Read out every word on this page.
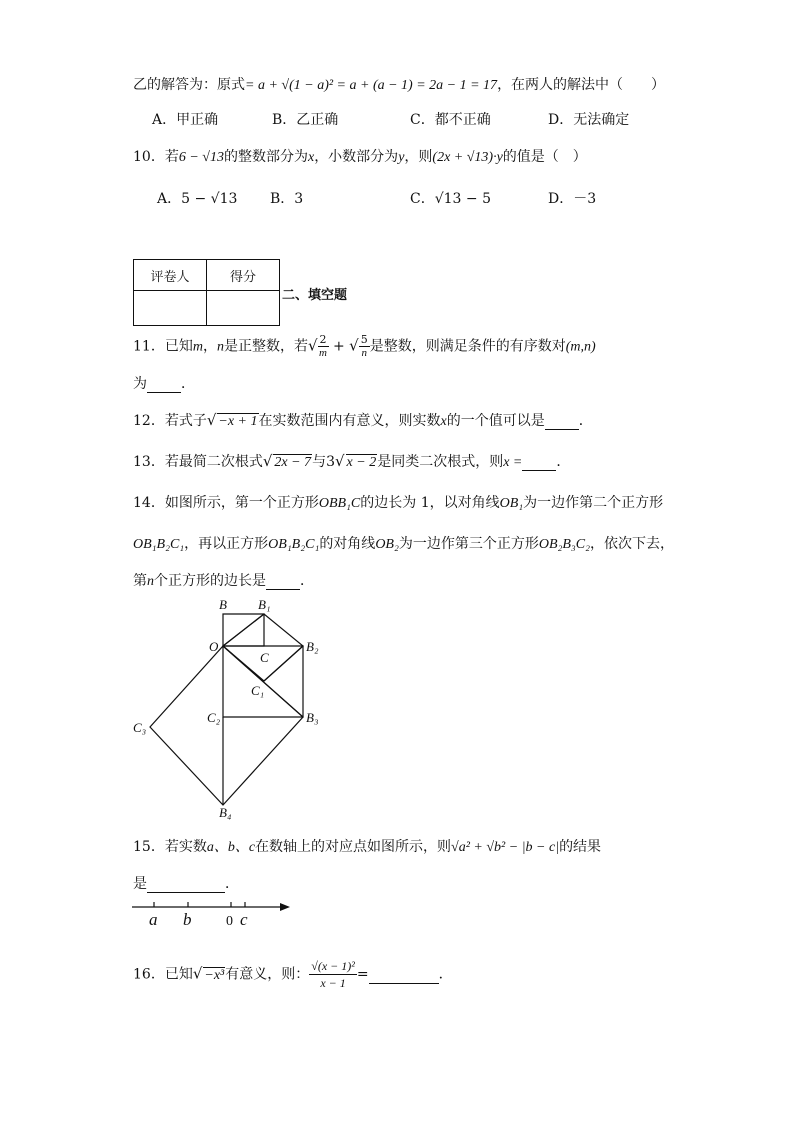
乙的解答为：原式= a + √(1 − a)² = a + (a − 1) = 2a − 1 = 17，在两人的解法中（　　）
A．甲正确	B．乙正确	C．都不正确	D．无法确定
10．若6 − √13的整数部分为x，小数部分为y，则(2x + √13)·y的值是（　）
A．5 − √13 B．3	C．√13 − 5	D．－3
评卷人	得分

二、填空题
11．已知m，n是正整数，若√ $\frac{2}{m}$ + √ $\frac{5}{n}$ 是整数，则满足条件的有序数对(m,n)
为 ．
12．若式子√ −x + 1在实数范围内有意义，则实数x的一个值可以是 ．
13．若最简二次根式√ 2x − 7与3√ x − 2是同类二次根式，则x = ．
14．如图所示，第一个正方形OBB₁C的边长为 1，以对角线OB₁为一边作第二个正方形
OB₁B₂C₁，再以正方形OB₁B₂C₁的对角线OB₂为一边作第三个正方形OB₂B₃C₂，依次下去，
第n个正方形的边长是 ．
B B₁
O
C
B₂
C₁
C₂	B₃
C₃
B₄
15．若实数a、b、c在数轴上的对应点如图所示，则√a² + √b² − |b − c|的结果
是	．
a b 0 c
16．已知√ −x³有意义，则： $\frac{\text{√(x − 1)²}}{x - 1}$ =	．
